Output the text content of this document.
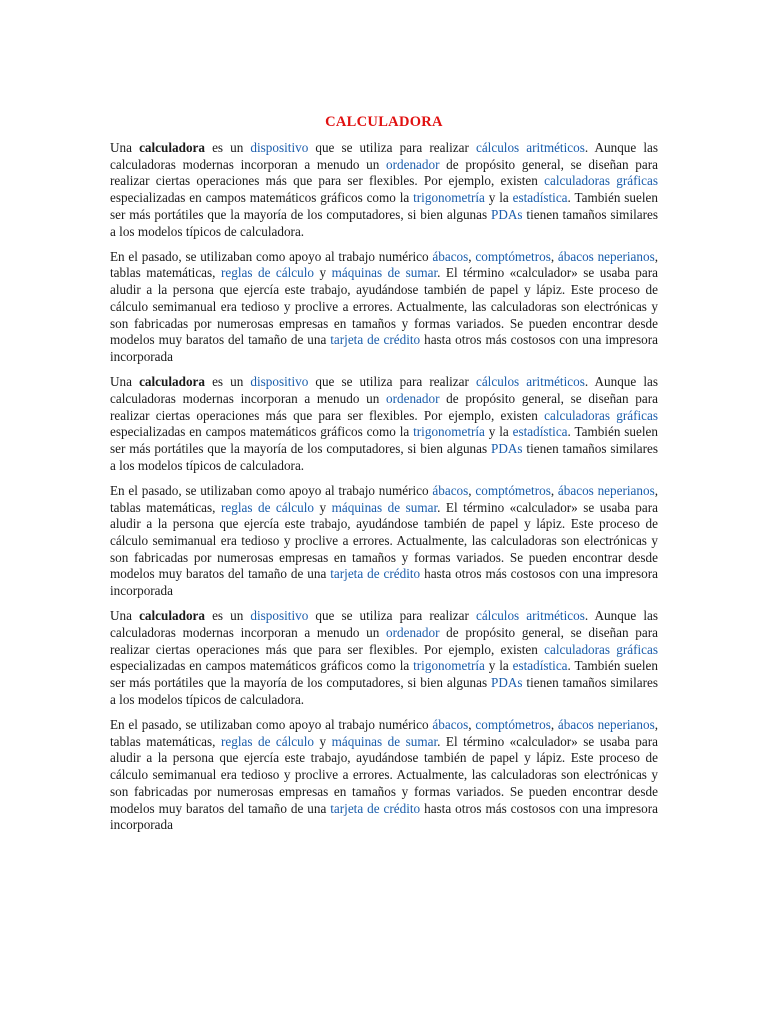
CALCULADORA

Una calculadora es un dispositivo que se utiliza para realizar cálculos aritméticos. Aunque las calculadoras modernas incorporan a menudo un ordenador de propósito general, se diseñan para realizar ciertas operaciones más que para ser flexibles. Por ejemplo, existen calculadoras gráficas especializadas en campos matemáticos gráficos como la trigonometría y la estadística. También suelen ser más portátiles que la mayoría de los computadores, si bien algunas PDAs tienen tamaños similares a los modelos típicos de calculadora.

En el pasado, se utilizaban como apoyo al trabajo numérico ábacos, comptómetros, ábacos neperianos, tablas matemáticas, reglas de cálculo y máquinas de sumar. El término «calculador» se usaba para aludir a la persona que ejercía este trabajo, ayudándose también de papel y lápiz. Este proceso de cálculo semimanual era tedioso y proclive a errores. Actualmente, las calculadoras son electrónicas y son fabricadas por numerosas empresas en tamaños y formas variados. Se pueden encontrar desde modelos muy baratos del tamaño de una tarjeta de crédito hasta otros más costosos con una impresora incorporada

Una calculadora es un dispositivo que se utiliza para realizar cálculos aritméticos. Aunque las calculadoras modernas incorporan a menudo un ordenador de propósito general, se diseñan para realizar ciertas operaciones más que para ser flexibles. Por ejemplo, existen calculadoras gráficas especializadas en campos matemáticos gráficos como la trigonometría y la estadística. También suelen ser más portátiles que la mayoría de los computadores, si bien algunas PDAs tienen tamaños similares a los modelos típicos de calculadora.

En el pasado, se utilizaban como apoyo al trabajo numérico ábacos, comptómetros, ábacos neperianos, tablas matemáticas, reglas de cálculo y máquinas de sumar. El término «calculador» se usaba para aludir a la persona que ejercía este trabajo, ayudándose también de papel y lápiz. Este proceso de cálculo semimanual era tedioso y proclive a errores. Actualmente, las calculadoras son electrónicas y son fabricadas por numerosas empresas en tamaños y formas variados. Se pueden encontrar desde modelos muy baratos del tamaño de una tarjeta de crédito hasta otros más costosos con una impresora incorporada

Una calculadora es un dispositivo que se utiliza para realizar cálculos aritméticos. Aunque las calculadoras modernas incorporan a menudo un ordenador de propósito general, se diseñan para realizar ciertas operaciones más que para ser flexibles. Por ejemplo, existen calculadoras gráficas especializadas en campos matemáticos gráficos como la trigonometría y la estadística. También suelen ser más portátiles que la mayoría de los computadores, si bien algunas PDAs tienen tamaños similares a los modelos típicos de calculadora.

En el pasado, se utilizaban como apoyo al trabajo numérico ábacos, comptómetros, ábacos neperianos, tablas matemáticas, reglas de cálculo y máquinas de sumar. El término «calculador» se usaba para aludir a la persona que ejercía este trabajo, ayudándose también de papel y lápiz. Este proceso de cálculo semimanual era tedioso y proclive a errores. Actualmente, las calculadoras son electrónicas y son fabricadas por numerosas empresas en tamaños y formas variados. Se pueden encontrar desde modelos muy baratos del tamaño de una tarjeta de crédito hasta otros más costosos con una impresora incorporada
